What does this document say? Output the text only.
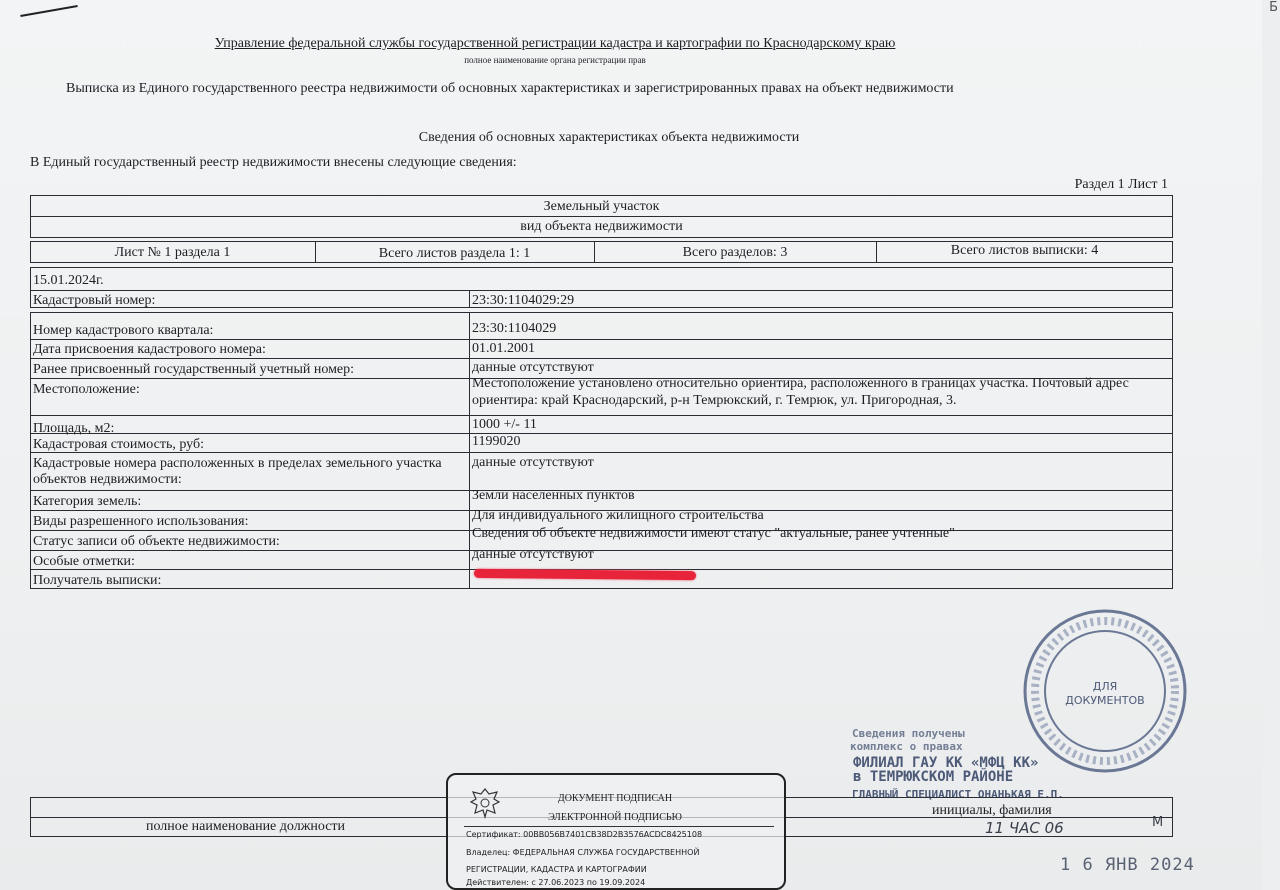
Б
Управление федеральной службы государственной регистрации кадастра и картографии по Краснодарскому краю
полное наименование органа регистрации прав
Выписка из Единого государственного реестра недвижимости об основных характеристиках и зарегистрированных правах на объект недвижимости
Сведения об основных характеристиках объекта недвижимости
В Единый государственный реестр недвижимости внесены следующие сведения:
Раздел 1 Лист 1
Земельный участок
вид объекта недвижимости
Лист № 1 раздела 1	Всего листов раздела 1: 1	Всего разделов: 3	Всего листов выписки: 4
15.01.2024г.
Кадастровый номер:	23:30:1104029:29
Номер кадастрового квартала:	23:30:1104029
Дата присвоения кадастрового номера:	01.01.2001
Ранее присвоенный государственный учетный номер:	данные отсутствуют
Местоположение:	Местоположение установлено относительно ориентира, расположенного в границах участка. Почтовый адрес ориентира: край Краснодарский, р-н Темрюкский, г. Темрюк, ул. Пригородная, 3.
Площадь, м2:	1000 +/- 11
Кадастровая стоимость, руб:	1199020
Кадастровые номера расположенных в пределах земельного участка объектов недвижимости:
данные отсутствуют
Категория земель:	Земли населенных пунктов
Виды разрешенного использования:	Для индивидуального жилищного строительства
Статус записи об объекте недвижимости:
Сведения об объекте недвижимости имеют статус "актуальные, ранее учтенные"
Особые отметки:	данные отсутствуют
Получатель выписки:
ДЛЯ
ДОКУМЕНТОВ
Сведения получены
комплекс о правах
ФИЛИАЛ ГАУ КК «МФЦ КК»
в ТЕМРЮКСКОМ РАЙОНЕ
ГЛАВНЫЙ СПЕЦИАЛИСТ ОНАНЬКАЯ Е.П.
полное наименование должности
инициалы, фамилия
11 ЧАС 06	М
ДОКУМЕНТ ПОДПИСАН
ЭЛЕКТРОННОЙ ПОДПИСЬЮ
Сертификат: 00BB056B7401CB38D2B3576ACDC8425108
Владелец: ФЕДЕРАЛЬНАЯ СЛУЖБА ГОСУДАРСТВЕННОЙ
РЕГИСТРАЦИИ, КАДАСТРА И КАРТОГРАФИИ
Действителен: с 27.06.2023 по 19.09.2024
1 6 ЯНВ 2024
